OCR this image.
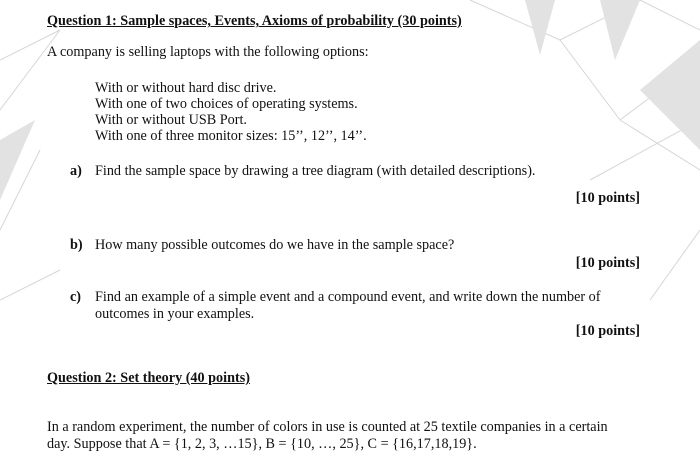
Question 1: Sample spaces, Events, Axioms of probability (30 points)
A company is selling laptops with the following options:
With or without hard disc drive.
With one of two choices of operating systems.
With or without USB Port.
With one of three monitor sizes: 15’’, 12’’, 14’’.
a) Find the sample space by drawing a tree diagram (with detailed descriptions).
[10 points]
b) How many possible outcomes do we have in the sample space?
[10 points]
c) Find an example of a simple event and a compound event, and write down the number of
outcomes in your examples.
[10 points]
Question 2: Set theory (40 points)
In a random experiment, the number of colors in use is counted at 25 textile companies in a certain
day. Suppose that A = {1, 2, 3, …15}, B = {10, …, 25}, C = {16,17,18,19}.
